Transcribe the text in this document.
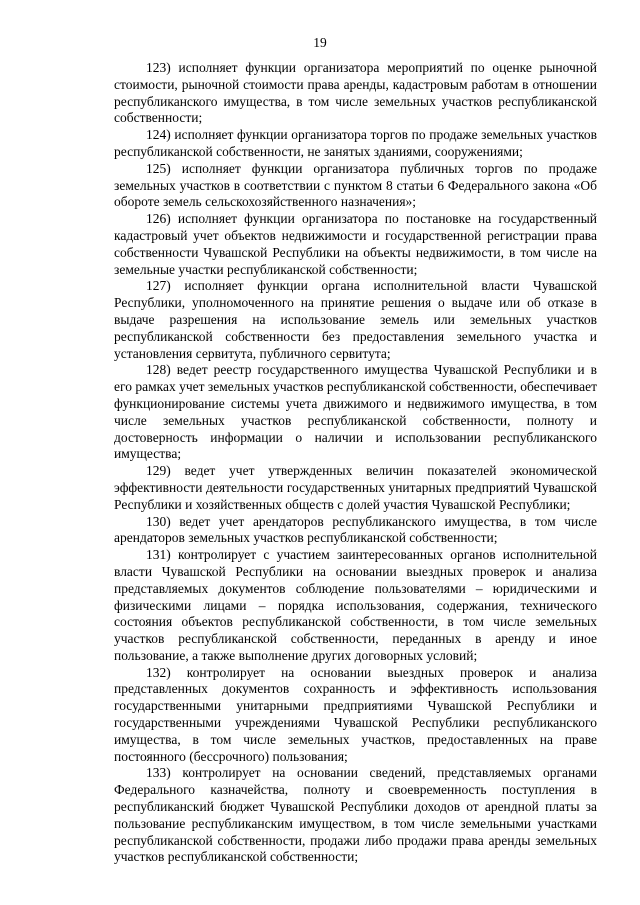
19

123) исполняет функции организатора мероприятий по оценке рыночной стоимости, рыночной стоимости права аренды, кадастровым работам в отношении республиканского имущества, в том числе земельных участков республиканской собственности;

124) исполняет функции организатора торгов по продаже земельных участков республиканской собственности, не занятых зданиями, сооружениями;

125) исполняет функции организатора публичных торгов по продаже земельных участков в соответствии с пунктом 8 статьи 6 Федерального закона «Об обороте земель сельскохозяйственного назначения»;

126) исполняет функции организатора по постановке на государственный кадастровый учет объектов недвижимости и государственной регистрации права собственности Чувашской Республики на объекты недвижимости, в том числе на земельные участки республиканской собственности;

127) исполняет функции органа исполнительной власти Чувашской Республики, уполномоченного на принятие решения о выдаче или об отказе в выдаче разрешения на использование земель или земельных участков республиканской собственности без предоставления земельного участка и установления сервитута, публичного сервитута;

128) ведет реестр государственного имущества Чувашской Республики и в его рамках учет земельных участков республиканской собственности, обеспечивает функционирование системы учета движимого и недвижимого имущества, в том числе земельных участков республиканской собственности, полноту и достоверность информации о наличии и использовании республиканского имущества;

129) ведет учет утвержденных величин показателей экономической эффективности деятельности государственных унитарных предприятий Чувашской Республики и хозяйственных обществ с долей участия Чувашской Республики;

130) ведет учет арендаторов республиканского имущества, в том числе арендаторов земельных участков республиканской собственности;

131) контролирует с участием заинтересованных органов исполнительной власти Чувашской Республики на основании выездных проверок и анализа представляемых документов соблюдение пользователями – юридическими и физическими лицами – порядка использования, содержания, технического состояния объектов республиканской собственности, в том числе земельных участков республиканской собственности, переданных в аренду и иное пользование, а также выполнение других договорных условий;

132) контролирует на основании выездных проверок и анализа представленных документов сохранность и эффективность использования государственными унитарными предприятиями Чувашской Республики и государственными учреждениями Чувашской Республики республиканского имущества, в том числе земельных участков, предоставленных на праве постоянного (бессрочного) пользования;

133) контролирует на основании сведений, представляемых органами Федерального казначейства, полноту и своевременность поступления в республиканский бюджет Чувашской Республики доходов от арендной платы за пользование республиканским имуществом, в том числе земельными участками республиканской собственности, продажи либо продажи права аренды земельных участков республиканской собственности;
